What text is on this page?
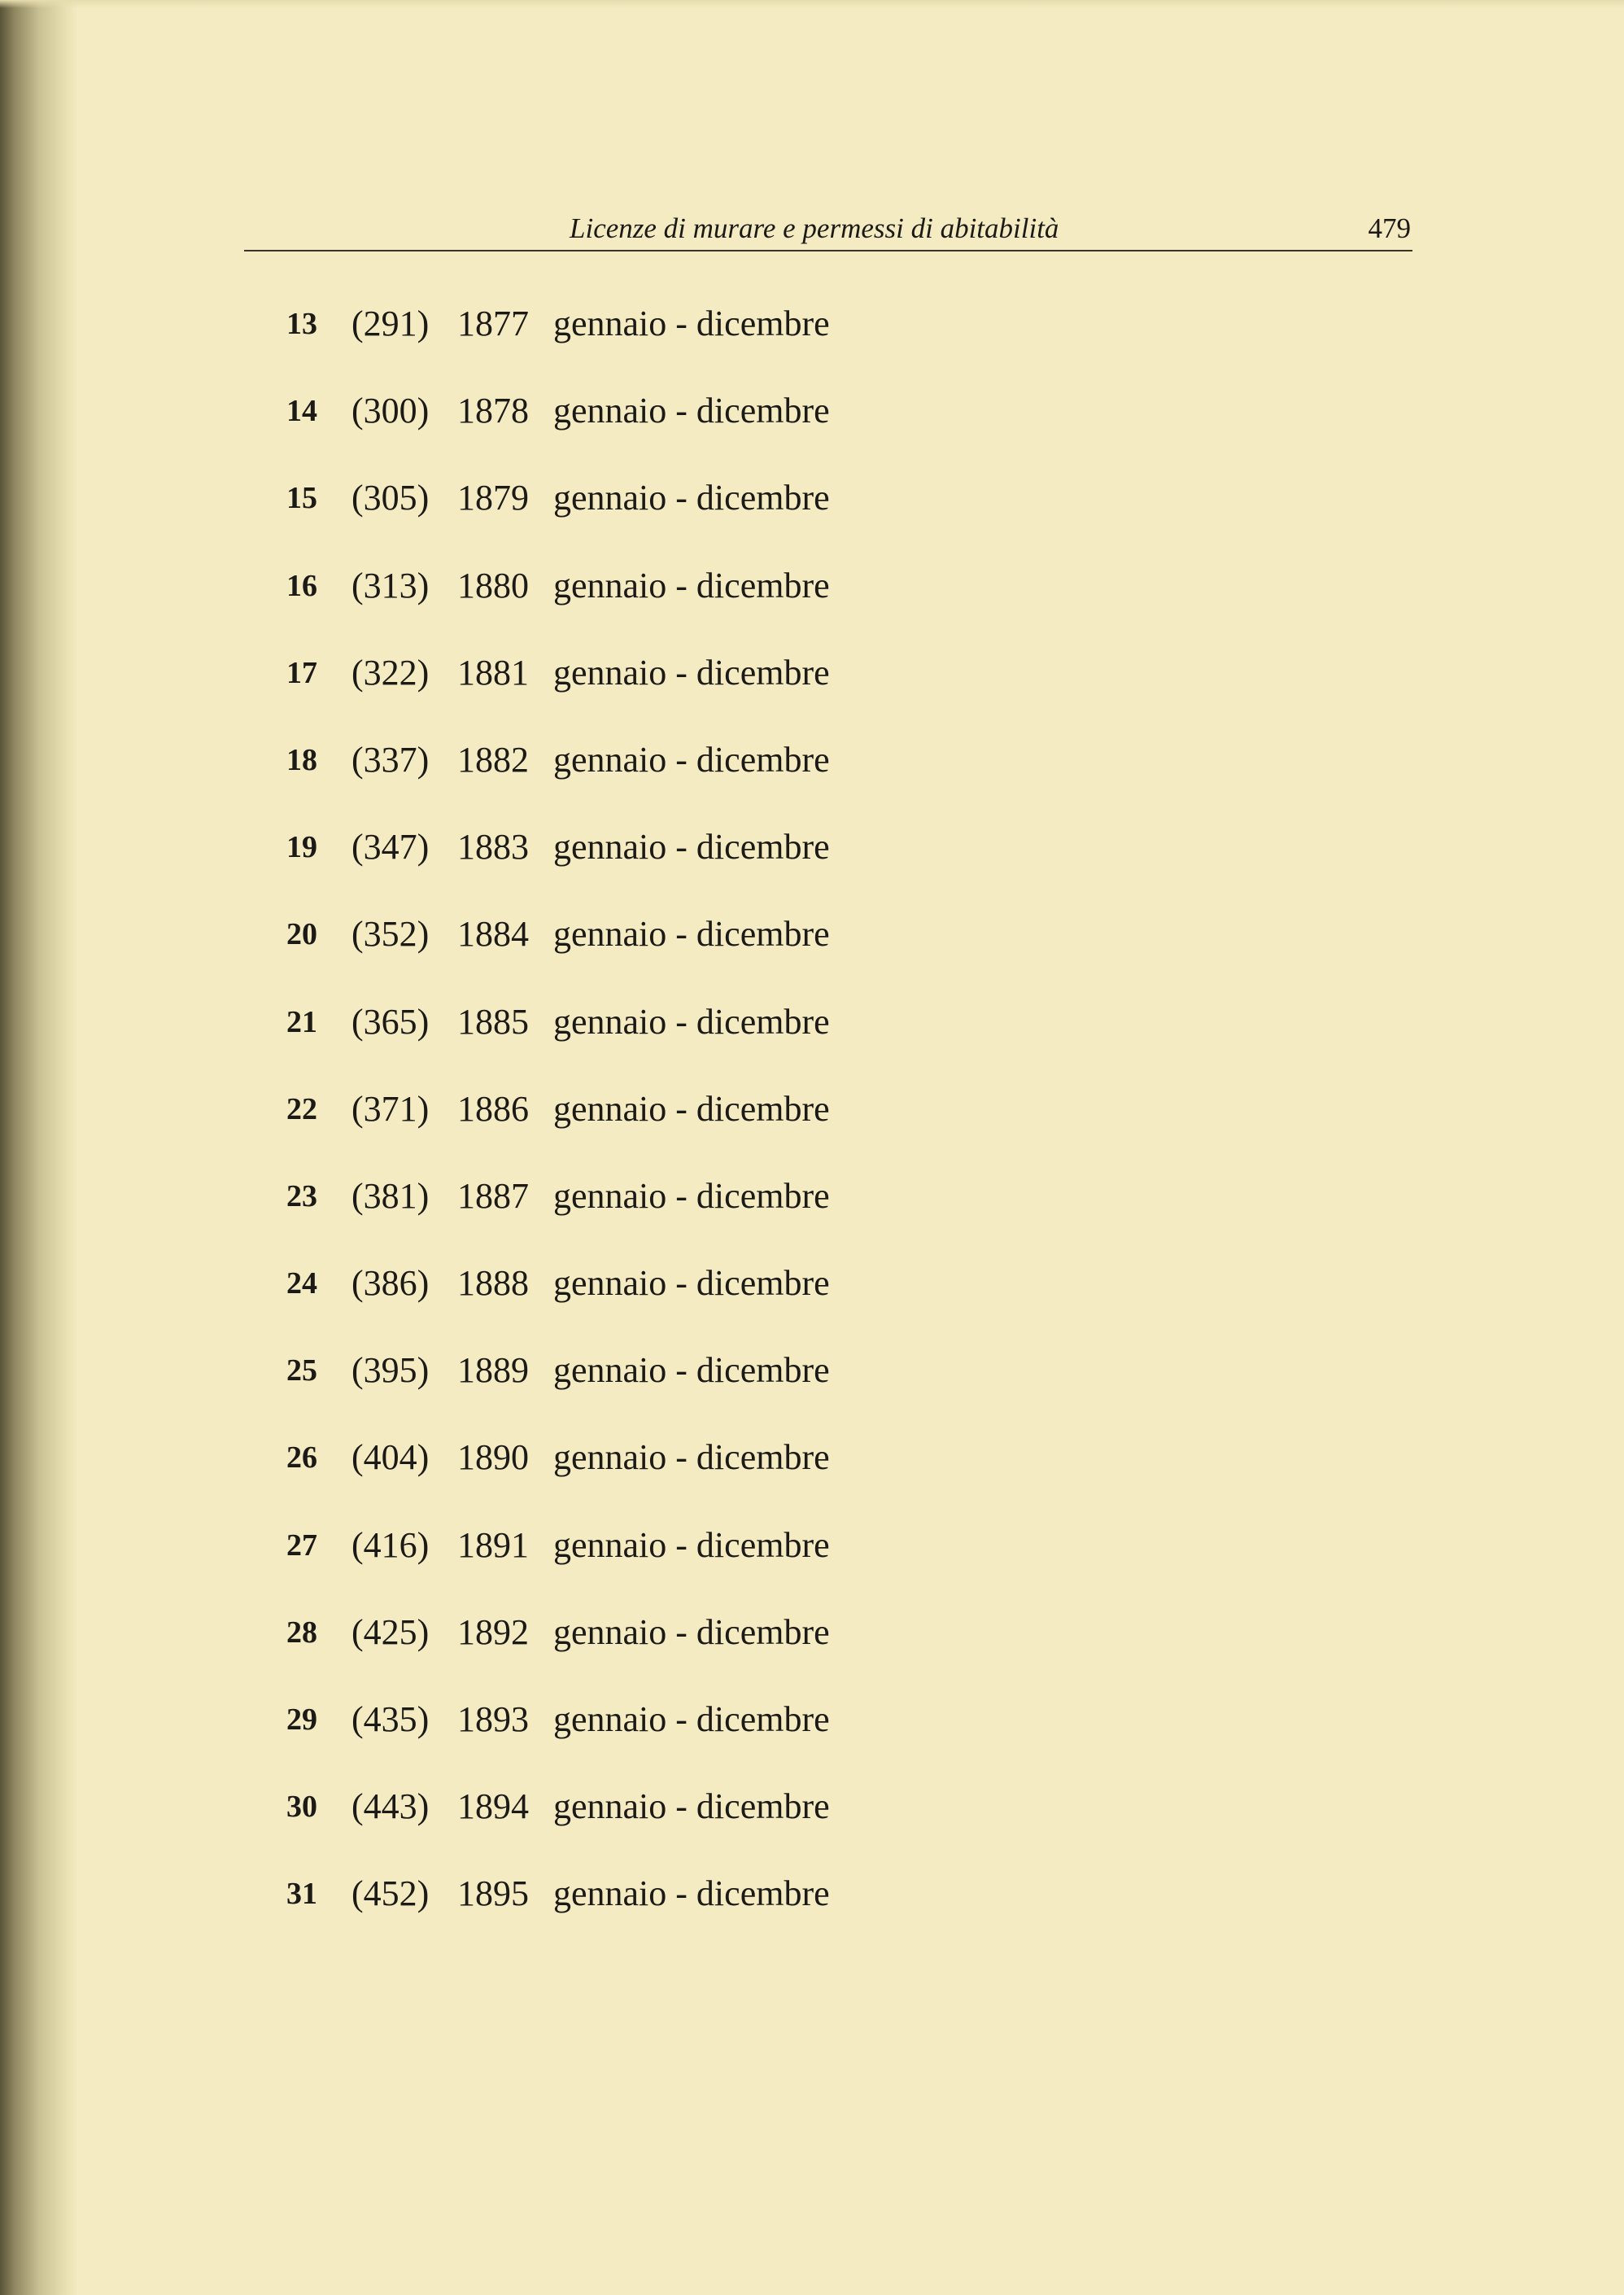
Licenze di murare e permessi di abitabilità	479
13 (291) 1877 gennaio - dicembre
14 (300) 1878 gennaio - dicembre
15 (305) 1879 gennaio - dicembre
16 (313) 1880 gennaio - dicembre
17 (322) 1881 gennaio - dicembre
18 (337) 1882 gennaio - dicembre
19 (347) 1883 gennaio - dicembre
20 (352) 1884 gennaio - dicembre
21 (365) 1885 gennaio - dicembre
22 (371) 1886 gennaio - dicembre
23 (381) 1887 gennaio - dicembre
24 (386) 1888 gennaio - dicembre
25 (395) 1889 gennaio - dicembre
26 (404) 1890 gennaio - dicembre
27 (416) 1891 gennaio - dicembre
28 (425) 1892 gennaio - dicembre
29 (435) 1893 gennaio - dicembre
30 (443) 1894 gennaio - dicembre
31 (452) 1895 gennaio - dicembre
